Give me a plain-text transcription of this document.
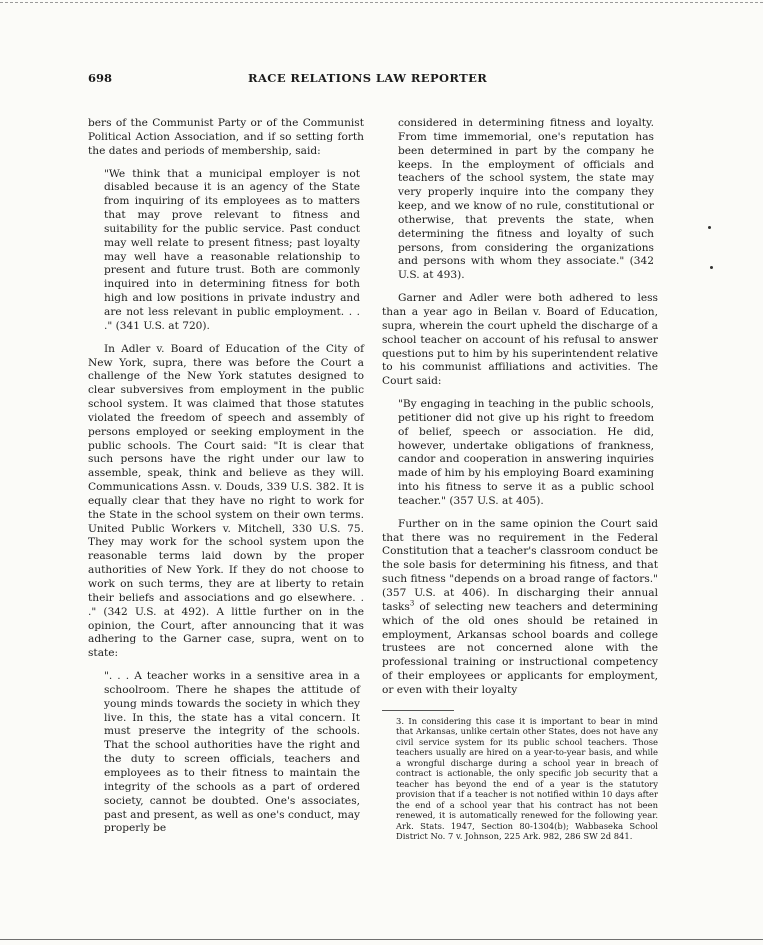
698	RACE RELATIONS LAW REPORTER

bers of the Communist Party or of the Communist Political Action Association, and if so setting forth the dates and periods of membership, said:

"We think that a municipal employer is not disabled because it is an agency of the State from inquiring of its employees as to matters that may prove relevant to fitness and suitability for the public service. Past conduct may well relate to present fitness; past loyalty may well have a reasonable relationship to present and future trust. Both are commonly inquired into in determining fitness for both high and low positions in private industry and are not less relevant in public employment. . . ." (341 U.S. at 720).

In Adler v. Board of Education of the City of New York, supra, there was before the Court a challenge of the New York statutes designed to clear subversives from employment in the public school system. It was claimed that those statutes violated the freedom of speech and assembly of persons employed or seeking employment in the public schools. The Court said: "It is clear that such persons have the right under our law to assemble, speak, think and believe as they will. Communications Assn. v. Douds, 339 U.S. 382. It is equally clear that they have no right to work for the State in the school system on their own terms. United Public Workers v. Mitchell, 330 U.S. 75. They may work for the school system upon the reasonable terms laid down by the proper authorities of New York. If they do not choose to work on such terms, they are at liberty to retain their beliefs and associations and go elsewhere. . ." (342 U.S. at 492). A little further on in the opinion, the Court, after announcing that it was adhering to the Garner case, supra, went on to state:

". . . A teacher works in a sensitive area in a schoolroom. There he shapes the attitude of young minds towards the society in which they live. In this, the state has a vital concern. It must preserve the integrity of the schools. That the school authorities have the right and the duty to screen officials, teachers and employees as to their fitness to maintain the integrity of the schools as a part of ordered society, cannot be doubted. One's associates, past and present, as well as one's conduct, may properly be

considered in determining fitness and loyalty. From time immemorial, one's reputation has been determined in part by the company he keeps. In the employment of officials and teachers of the school system, the state may very properly inquire into the company they keep, and we know of no rule, constitutional or otherwise, that prevents the state, when determining the fitness and loyalty of such persons, from considering the organizations and persons with whom they associate." (342 U.S. at 493).

Garner and Adler were both adhered to less than a year ago in Beilan v. Board of Education, supra, wherein the court upheld the discharge of a school teacher on account of his refusal to answer questions put to him by his superintendent relative to his communist affiliations and activities. The Court said:

"By engaging in teaching in the public schools, petitioner did not give up his right to freedom of belief, speech or association. He did, however, undertake obligations of frankness, candor and cooperation in answering inquiries made of him by his employing Board examining into his fitness to serve it as a public school teacher." (357 U.S. at 405).

Further on in the same opinion the Court said that there was no requirement in the Federal Constitution that a teacher's classroom conduct be the sole basis for determining his fitness, and that such fitness "depends on a broad range of factors." (357 U.S. at 406). In discharging their annual tasks$^3$ of selecting new teachers and determining which of the old ones should be retained in employment, Arkansas school boards and college trustees are not concerned alone with the professional training or instructional competency of their employees or applicants for employment, or even with their loyalty

3. In considering this case it is important to bear in mind that Arkansas, unlike certain other States, does not have any civil service system for its public school teachers. Those teachers usually are hired on a year-to-year basis, and while a wrongful discharge during a school year in breach of contract is actionable, the only specific job security that a teacher has beyond the end of a year is the statutory provision that if a teacher is not notified within 10 days after the end of a school year that his contract has not been renewed, it is automatically renewed for the following year. Ark. Stats. 1947, Section 80-1304(b); Wabbaseka School District No. 7 v. Johnson, 225 Ark. 982, 286 SW 2d 841.
